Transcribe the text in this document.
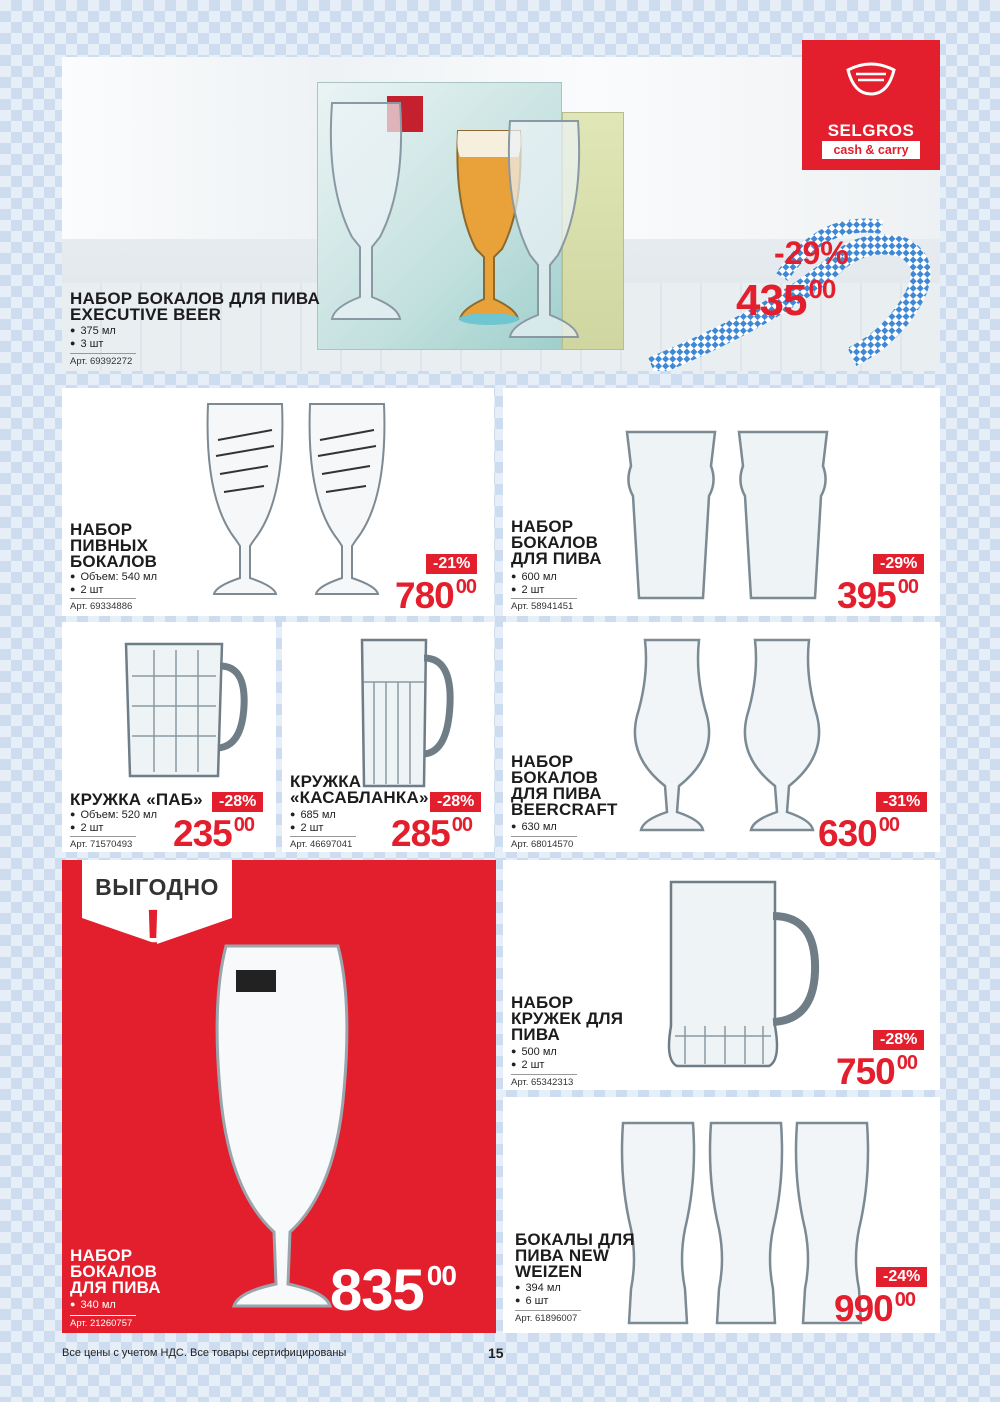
НАБОР БОКАЛОВ ДЛЯ ПИВА EXECUTIVE BEER
● 375 мл
● 3 шт
Арт. 69392272
-29%
43500
SELGROS
cash & carry
НАБОР ПИВНЫХ БОКАЛОВ
● Объем: 540 мл
● 2 шт
Арт. 69334886
-21%
780 00
НАБОР БОКАЛОВ ДЛЯ ПИВА
● 600 мл
● 2 шт
Арт. 58941451
-29%
395 00
КРУЖКА «ПАБ»
● Объем: 520 мл
● 2 шт
Арт. 71570493
-28%
235 00
КРУЖКА «КАСАБЛАНКА»
● 685 мл
● 2 шт
Арт. 46697041
-28%
285 00
НАБОР БОКАЛОВ ДЛЯ ПИВА BEERCRAFT
● 630 мл
Арт. 68014570
-31%
630 00
ВЫГОДНО
!
НАБОР БОКАЛОВ ДЛЯ ПИВА
● 340 мл
Арт. 21260757
835 00
НАБОР КРУЖЕК ДЛЯ ПИВА
● 500 мл
● 2 шт
Арт. 65342313
-28%
750 00
БОКАЛЫ ДЛЯ ПИВА NEW WEIZEN
● 394 мл
● 6 шт
Арт. 61896007
-24%
990 00
Все цены с учетом НДС. Все товары сертифицированы	15
